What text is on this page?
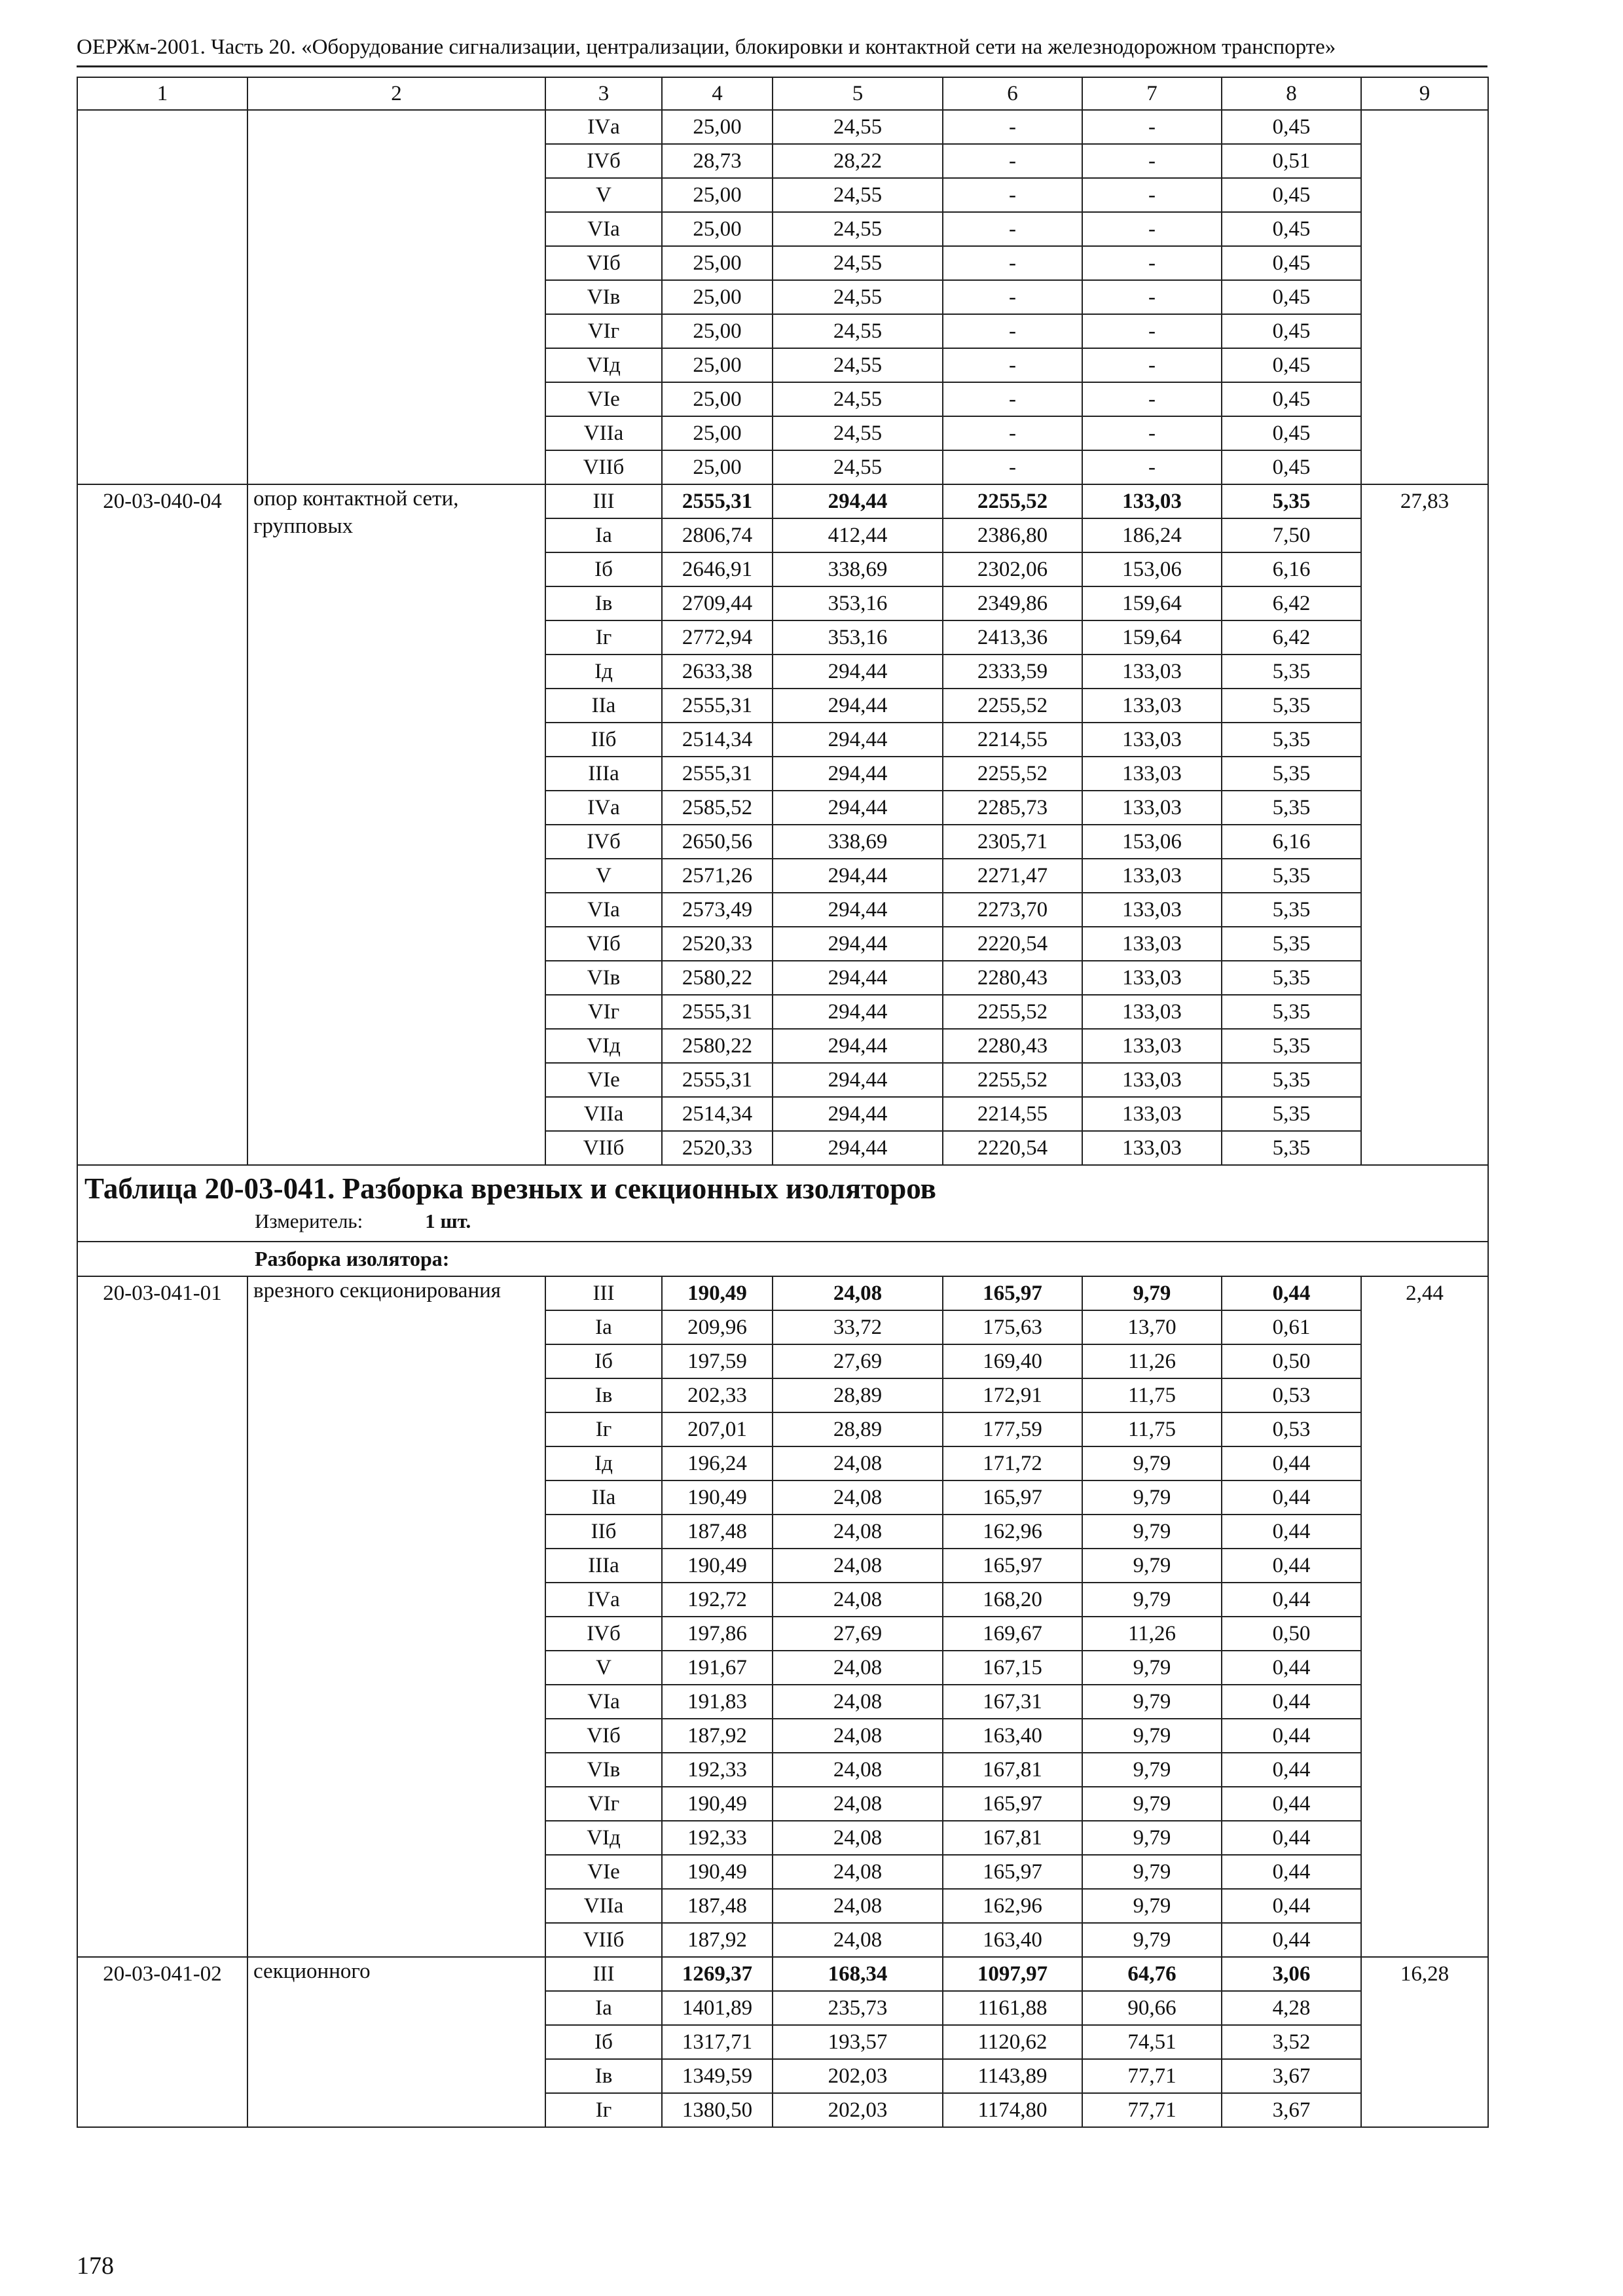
ОЕРЖм-2001. Часть 20. «Оборудование сигнализации, централизации, блокировки и контактной сети на железнодорожном транспорте»
1	2	3	4	5	6	7	8	9
		IVа	25,00	24,55	-	-	0,45	
		IVб	28,73	28,22	-	-	0,51	
		V	25,00	24,55	-	-	0,45	
		VIа	25,00	24,55	-	-	0,45	
		VIб	25,00	24,55	-	-	0,45	
		VIв	25,00	24,55	-	-	0,45	
		VIг	25,00	24,55	-	-	0,45	
		VIд	25,00	24,55	-	-	0,45	
		VIе	25,00	24,55	-	-	0,45	
		VIIа	25,00	24,55	-	-	0,45	
		VIIб	25,00	24,55	-	-	0,45	
20-03-040-04	опор контактной сети, групповых	III	2555,31	294,44	2255,52	133,03	5,35	27,83
		Iа	2806,74	412,44	2386,80	186,24	7,50	
		Iб	2646,91	338,69	2302,06	153,06	6,16	
		Iв	2709,44	353,16	2349,86	159,64	6,42	
		Iг	2772,94	353,16	2413,36	159,64	6,42	
		Iд	2633,38	294,44	2333,59	133,03	5,35	
		IIа	2555,31	294,44	2255,52	133,03	5,35	
		IIб	2514,34	294,44	2214,55	133,03	5,35	
		IIIа	2555,31	294,44	2255,52	133,03	5,35	
		IVа	2585,52	294,44	2285,73	133,03	5,35	
		IVб	2650,56	338,69	2305,71	153,06	6,16	
		V	2571,26	294,44	2271,47	133,03	5,35	
		VIа	2573,49	294,44	2273,70	133,03	5,35	
		VIб	2520,33	294,44	2220,54	133,03	5,35	
		VIв	2580,22	294,44	2280,43	133,03	5,35	
		VIг	2555,31	294,44	2255,52	133,03	5,35	
		VIд	2580,22	294,44	2280,43	133,03	5,35	
		VIе	2555,31	294,44	2255,52	133,03	5,35	
		VIIа	2514,34	294,44	2214,55	133,03	5,35	
		VIIб	2520,33	294,44	2220,54	133,03	5,35	

Таблица 20-03-041. Разборка врезных и секционных изоляторов
Измеритель: 1 шт.								

Разборка изолятора:								
20-03-041-01	врезного секционирования	III	190,49	24,08	165,97	9,79	0,44	2,44
		Iа	209,96	33,72	175,63	13,70	0,61	
		Iб	197,59	27,69	169,40	11,26	0,50	
		Iв	202,33	28,89	172,91	11,75	0,53	
		Iг	207,01	28,89	177,59	11,75	0,53	
		Iд	196,24	24,08	171,72	9,79	0,44	
		IIа	190,49	24,08	165,97	9,79	0,44	
		IIб	187,48	24,08	162,96	9,79	0,44	
		IIIа	190,49	24,08	165,97	9,79	0,44	
		IVа	192,72	24,08	168,20	9,79	0,44	
		IVб	197,86	27,69	169,67	11,26	0,50	
		V	191,67	24,08	167,15	9,79	0,44	
		VIа	191,83	24,08	167,31	9,79	0,44	
		VIб	187,92	24,08	163,40	9,79	0,44	
		VIв	192,33	24,08	167,81	9,79	0,44	
		VIг	190,49	24,08	165,97	9,79	0,44	
		VIд	192,33	24,08	167,81	9,79	0,44	
		VIе	190,49	24,08	165,97	9,79	0,44	
		VIIа	187,48	24,08	162,96	9,79	0,44	
		VIIб	187,92	24,08	163,40	9,79	0,44	
20-03-041-02	секционного	III	1269,37	168,34	1097,97	64,76	3,06	16,28
		Iа	1401,89	235,73	1161,88	90,66	4,28	
		Iб	1317,71	193,57	1120,62	74,51	3,52	
		Iв	1349,59	202,03	1143,89	77,71	3,67	
		Iг	1380,50	202,03	1174,80	77,71	3,67	
178
